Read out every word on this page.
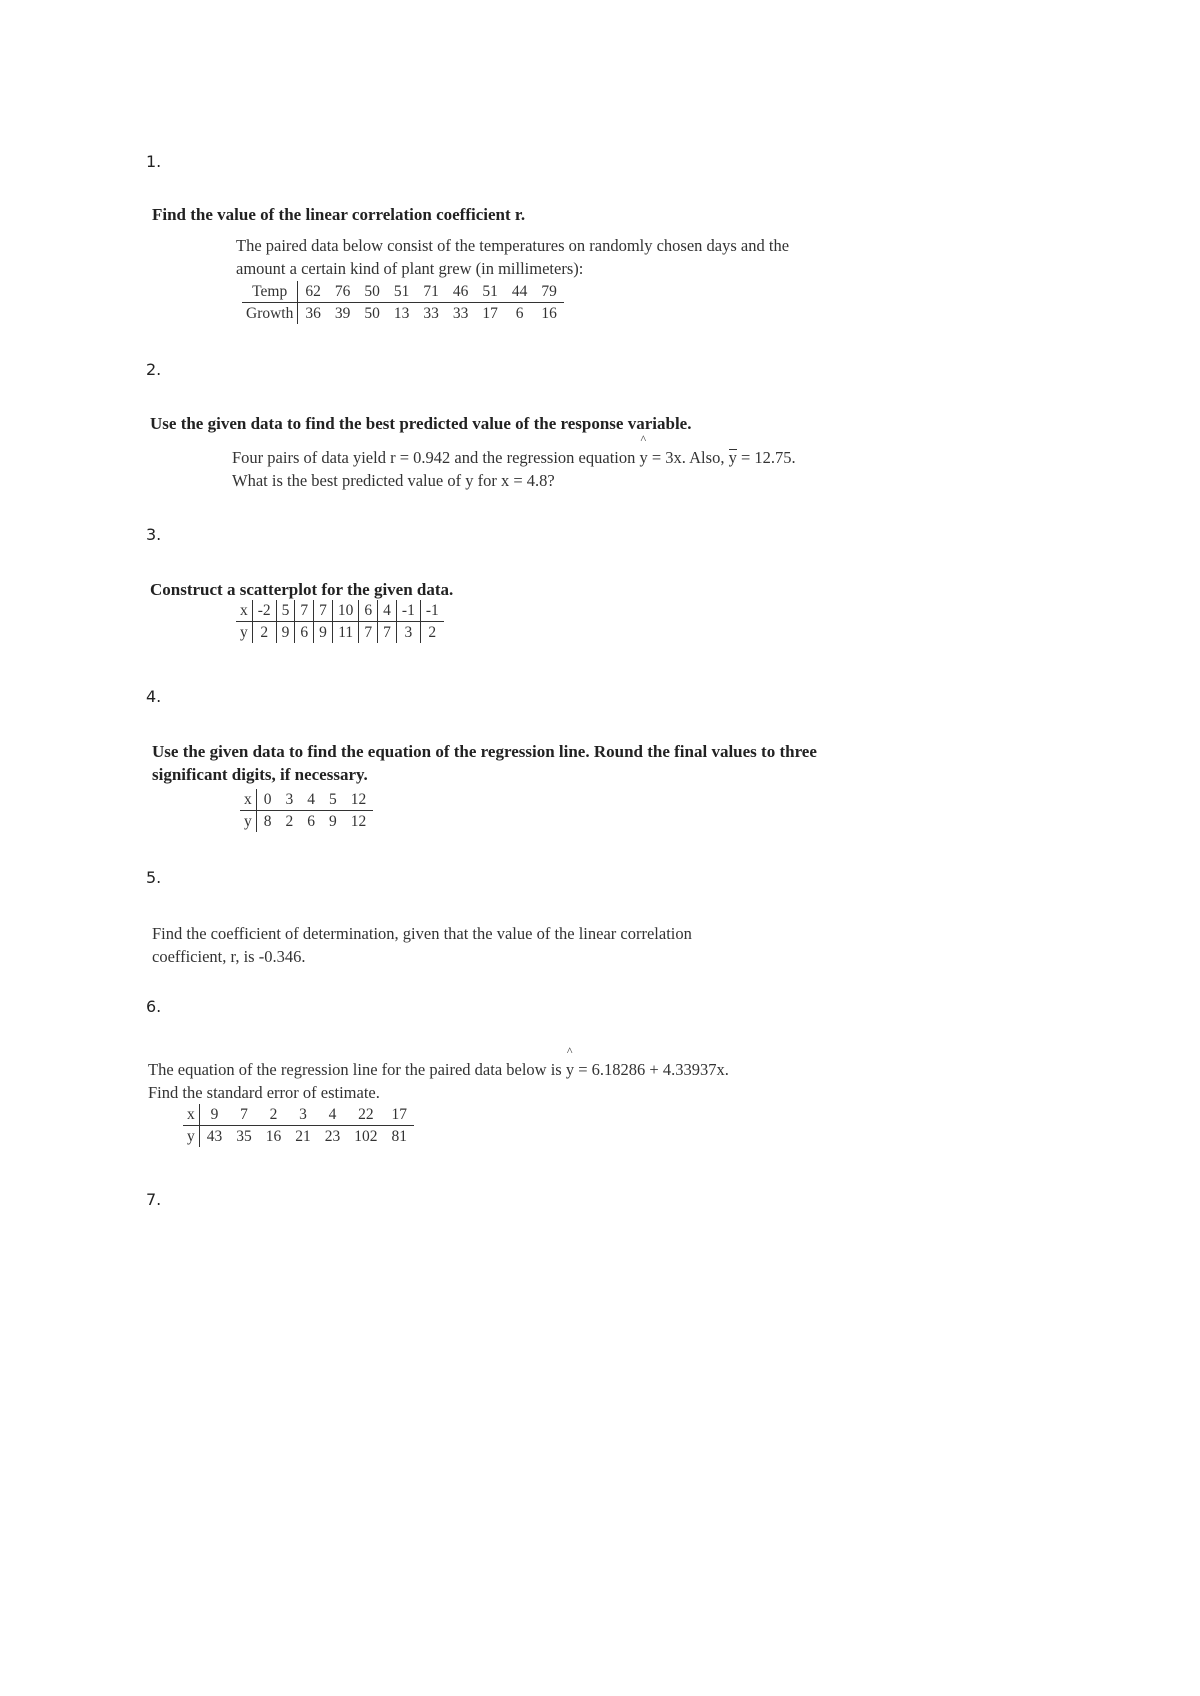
1.
Find the value of the linear correlation coefficient r.
The paired data below consist of the temperatures on randomly chosen days and the
amount a certain kind of plant grew (in millimeters):
Temp	62	76	50	51	71	46	51	44	79
Growth	36	39	50	13	33	33	17	6	16
2.
Use the given data to find the best predicted value of the response variable.
Four pairs of data yield r = 0.942 and the regression equation
^
y = 3x. Also, y = 12.75.
What is the best predicted value of y for x = 4.8?
3.
Construct a scatterplot for the given data.
x	-2	5	7	7	10	6	4	-1	-1
y	2	9	6	9	11	7	7	3	2
4.
Use the given data to find the equation of the regression line. Round the final values to three
significant digits, if necessary.
x	0	3	4	5	12
y	8	2	6	9	12
5.
Find the coefficient of determination, given that the value of the linear correlation
coefficient, r, is -0.346.
6.
The equation of the regression line for the paired data below is
^
y = 6.18286 + 4.33937x.
Find the standard error of estimate.
x	9	7	2	3	4	22	17
y	43	35	16	21	23	102	81
7.
